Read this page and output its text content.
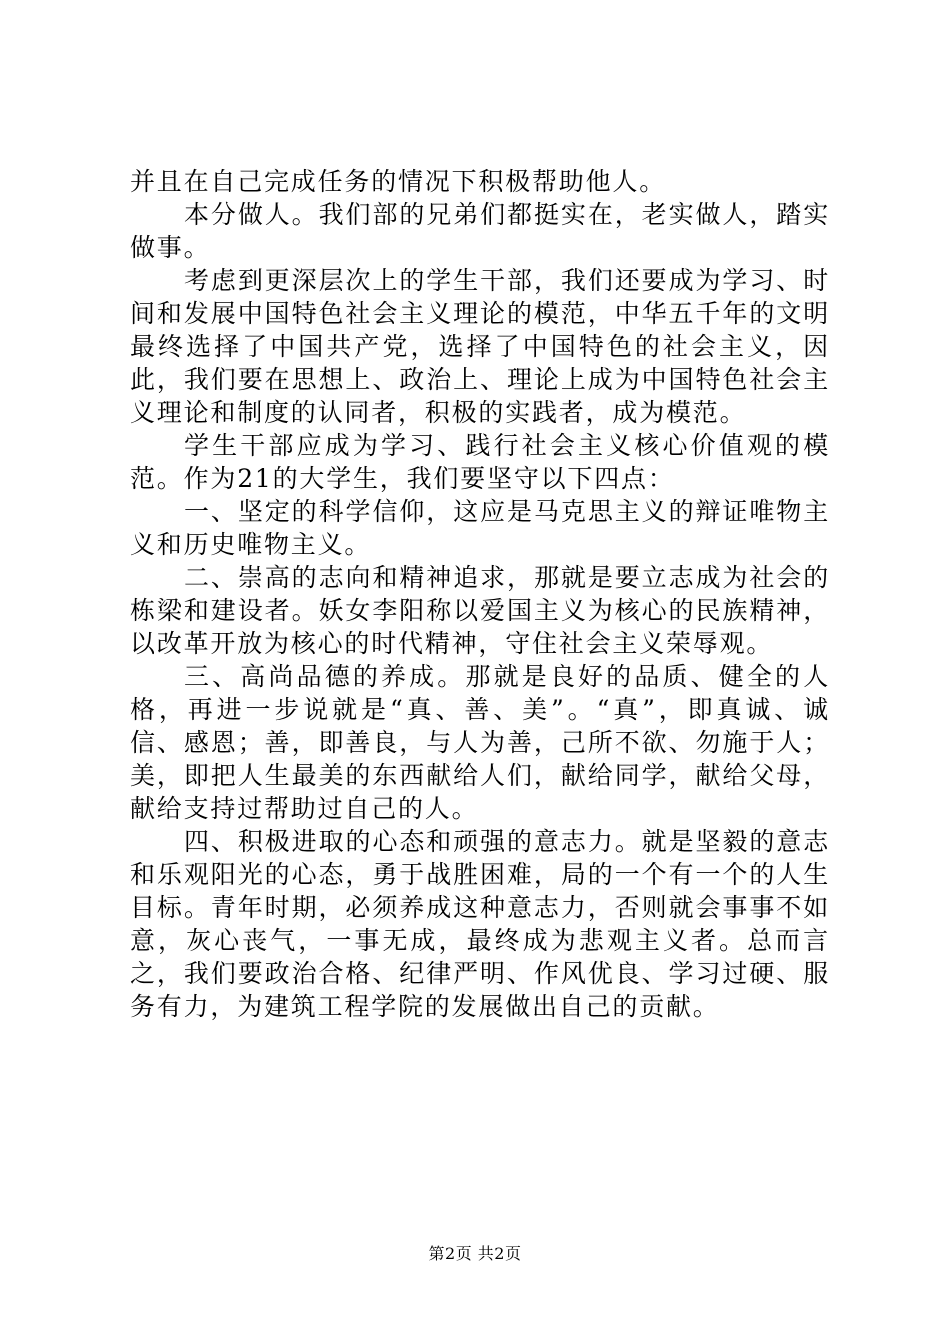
并且在自己完成任务的情况下积极帮助他人。

本分做人。我们部的兄弟们都挺实在，老实做人，踏实做事。

考虑到更深层次上的学生干部，我们还要成为学习、时间和发展中国特色社会主义理论的模范，中华五千年的文明最终选择了中国共产党，选择了中国特色的社会主义，因此，我们要在思想上、政治上、理论上成为中国特色社会主义理论和制度的认同者，积极的实践者，成为模范。

学生干部应成为学习、践行社会主义核心价值观的模范。作为21的大学生，我们要坚守以下四点：

一、坚定的科学信仰，这应是马克思主义的辩证唯物主义和历史唯物主义。

二、崇高的志向和精神追求，那就是要立志成为社会的栋梁和建设者。妖女李阳称以爱国主义为核心的民族精神，以改革开放为核心的时代精神，守住社会主义荣辱观。

三、高尚品德的养成。那就是良好的品质、健全的人格，再进一步说就是“真、善、美”。“真”，即真诚、诚信、感恩；善，即善良，与人为善，己所不欲、勿施于人；美，即把人生最美的东西献给人们，献给同学，献给父母，献给支持过帮助过自己的人。

四、积极进取的心态和顽强的意志力。就是坚毅的意志和乐观阳光的心态，勇于战胜困难，局的一个有一个的人生目标。青年时期，必须养成这种意志力，否则就会事事不如意，灰心丧气，一事无成，最终成为悲观主义者。总而言之，我们要政治合格、纪律严明、作风优良、学习过硬、服务有力，为建筑工程学院的发展做出自己的贡献。

第2页 共2页
